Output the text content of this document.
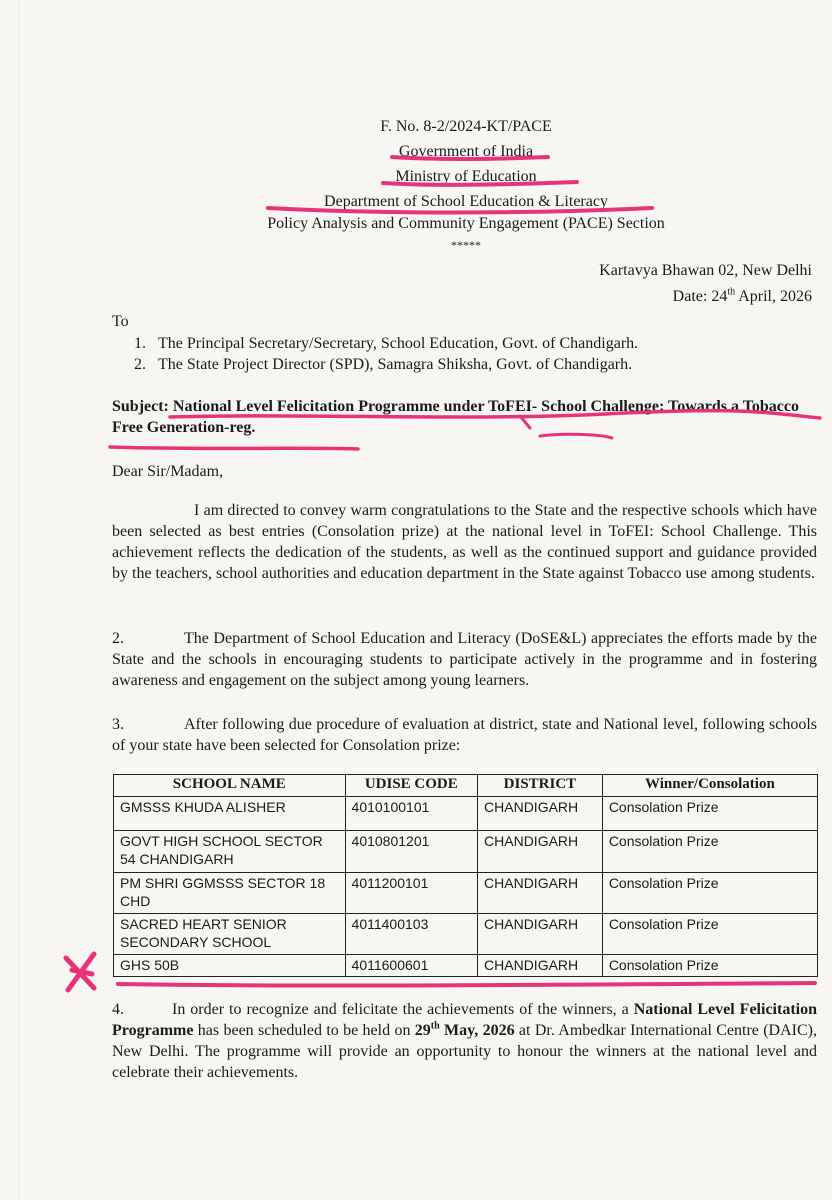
F. No. 8-2/2024-KT/PACE
Government of India
Ministry of Education
Department of School Education & Literacy
Policy Analysis and Community Engagement (PACE) Section
*****
Kartavya Bhawan 02, New Delhi
Date: 24th April, 2026
To
1.   The Principal Secretary/Secretary, School Education, Govt. of Chandigarh.
2.   The State Project Director (SPD), Samagra Shiksha, Govt. of Chandigarh.
Subject: National Level Felicitation Programme under ToFEI- School Challenge: Towards a Tobacco Free Generation-reg.
Dear Sir/Madam,
I am directed to convey warm congratulations to the State and the respective schools which have been selected as best entries (Consolation prize) at the national level in ToFEI: School Challenge. This achievement reflects the dedication of the students, as well as the continued support and guidance provided by the teachers, school authorities and education department in the State against Tobacco use among students.
2.	The Department of School Education and Literacy (DoSE&L) appreciates the efforts made by the State and the schools in encouraging students to participate actively in the programme and in fostering awareness and engagement on the subject among young learners.
3.	After following due procedure of evaluation at district, state and National level, following schools of your state have been selected for Consolation prize:
SCHOOL NAME	UDISE CODE	DISTRICT	Winner/Consolation
GMSSS KHUDA ALISHER	4010100101	CHANDIGARH	Consolation Prize
GOVT HIGH SCHOOL SECTOR 54 CHANDIGARH	4010801201	CHANDIGARH	Consolation Prize
PM SHRI GGMSSS SECTOR 18 CHD	4011200101	CHANDIGARH	Consolation Prize
SACRED HEART SENIOR SECONDARY SCHOOL	4011400103	CHANDIGARH	Consolation Prize
GHS 50B	4011600601	CHANDIGARH	Consolation Prize
4.	In order to recognize and felicitate the achievements of the winners, a National Level Felicitation Programme has been scheduled to be held on 29th May, 2026 at Dr. Ambedkar International Centre (DAIC), New Delhi. The programme will provide an opportunity to honour the winners at the national level and celebrate their achievements.
